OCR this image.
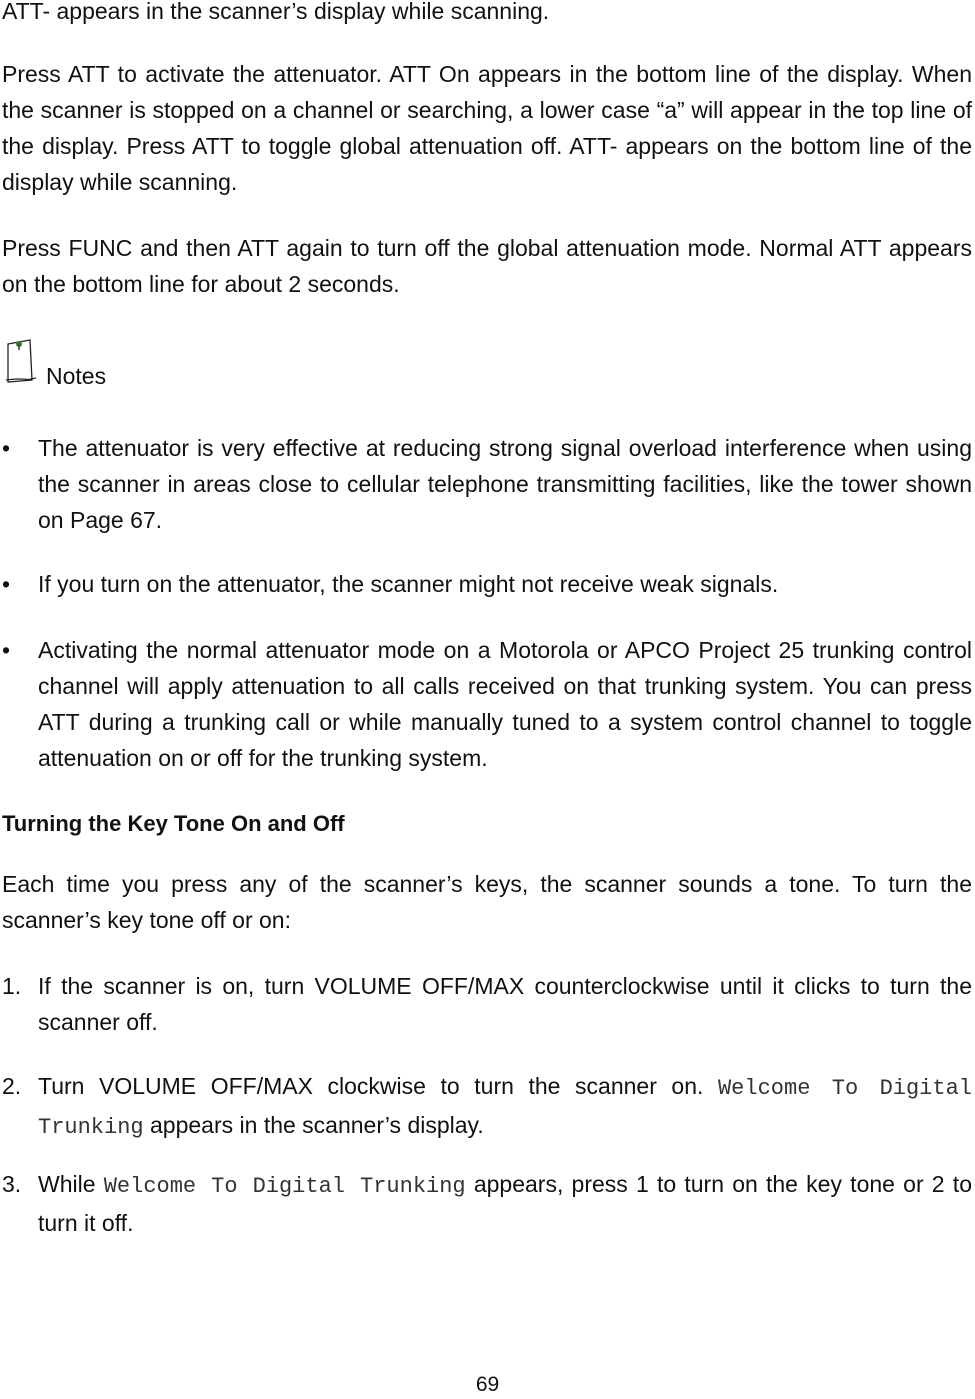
ATT- appears in the scanner’s display while scanning.

Press ATT to activate the attenuator. ATT On appears in the bottom line of the display. When the scanner is stopped on a channel or searching, a lower case “a” will appear in the top line of the display. Press ATT to toggle global attenuation off. ATT- appears on the bottom line of the display while scanning.

Press FUNC and then ATT again to turn off the global attenuation mode. Normal ATT appears on the bottom line for about 2 seconds.

Notes
•	The attenuator is very effective at reducing strong signal overload interference when using the scanner in areas close to cellular telephone transmitting facilities, like the tower shown on Page 67.

•	If you turn on the attenuator, the scanner might not receive weak signals.

•	Activating the normal attenuator mode on a Motorola or APCO Project 25 trunking control channel will apply attenuation to all calls received on that trunking system. You can press ATT during a trunking call or while manually tuned to a system control channel to toggle attenuation on or off for the trunking system.

Turning the Key Tone On and Off

Each time you press any of the scanner’s keys, the scanner sounds a tone. To turn the scanner’s key tone off or on:

1. If the scanner is on, turn VOLUME OFF/MAX counterclockwise until it clicks to turn the scanner off.

2. Turn VOLUME OFF/MAX clockwise to turn the scanner on. Welcome To Digital Trunking appears in the scanner’s display.

3. While Welcome To Digital Trunking appears, press 1 to turn on the key tone or 2 to turn it off.

69
